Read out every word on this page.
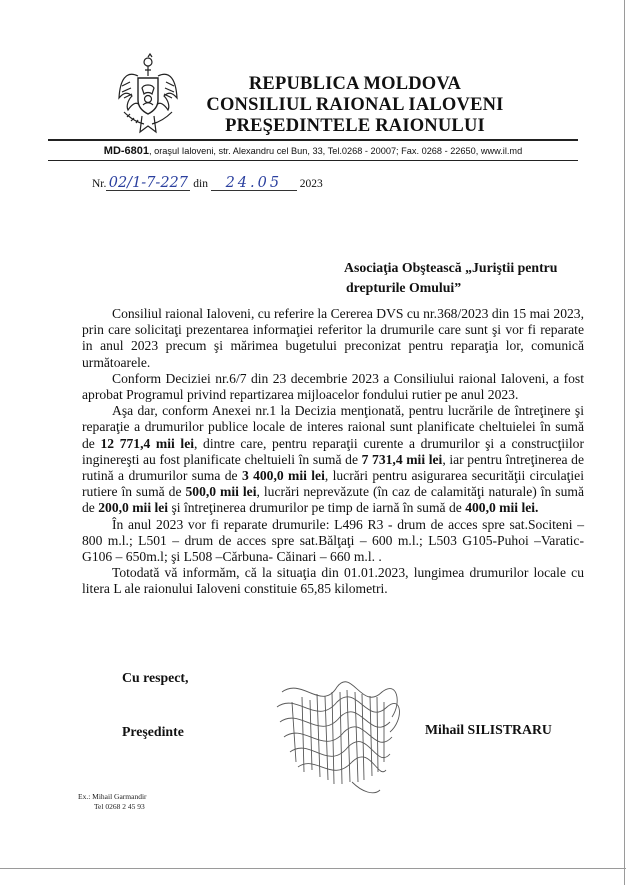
REPUBLICA MOLDOVA
CONSILIUL RAIONAL IALOVENI
PREŞEDINTELE RAIONULUI
MD-6801, oraşul Ialoveni, str. Alexandru cel Bun, 33, Tel.0268 - 20007; Fax. 0268 - 22650, www.il.md
Nr. 02/1-7-227 din 24.05 2023
Asociaţia Obştească „Juriştii pentru
drepturile Omului”

Consiliul raional Ialoveni, cu referire la Cererea DVS cu nr.368/2023 din 15 mai 2023, prin care solicitaţi prezentarea informaţiei referitor la drumurile care sunt şi vor fi reparate in anul 2023 precum şi mărimea bugetului preconizat pentru reparaţia lor, comunică următoarele.

Conform Deciziei nr.6/7 din 23 decembrie 2023 a Consiliului raional Ialoveni, a fost aprobat Programul privind repartizarea mijloacelor fondului rutier pe anul 2023.

Aşa dar, conform Anexei nr.1 la Decizia menţionată, pentru lucrările de întreţinere şi reparaţie a drumurilor publice locale de interes raional sunt planificate cheltuielei în sumă de 12 771,4 mii lei, dintre care, pentru reparaţii curente a drumurilor şi a construcţiilor inginereşti au fost planificate cheltuieli în sumă de 7 731,4 mii lei, iar pentru întreţinerea de rutină a drumurilor suma de 3 400,0 mii lei, lucrări pentru asigurarea securităţii circulaţiei rutiere în sumă de 500,0 mii lei, lucrări neprevăzute (în caz de calamităţi naturale) în sumă de 200,0 mii lei şi întreţinerea drumurilor pe timp de iarnă în sumă de 400,0 mii lei.

În anul 2023 vor fi reparate drumurile: L496 R3 - drum de acces spre sat.Sociteni – 800 m.l.; L501 – drum de acces spre sat.Bălţaţi – 600 m.l.; L503 G105-Puhoi –Varatic-G106 – 650m.l; şi L508 –Cărbuna- Căinari – 660 m.l. .

Totodată vă informăm, că la situaţia din 01.01.2023, lungimea drumurilor locale cu litera L ale raionului Ialoveni constituie 65,85 kilometri.

Cu respect,
Preşedinte	Mihail SILISTRARU
Ex.: Mihail Garmandir
Tel 0268 2 45 93
